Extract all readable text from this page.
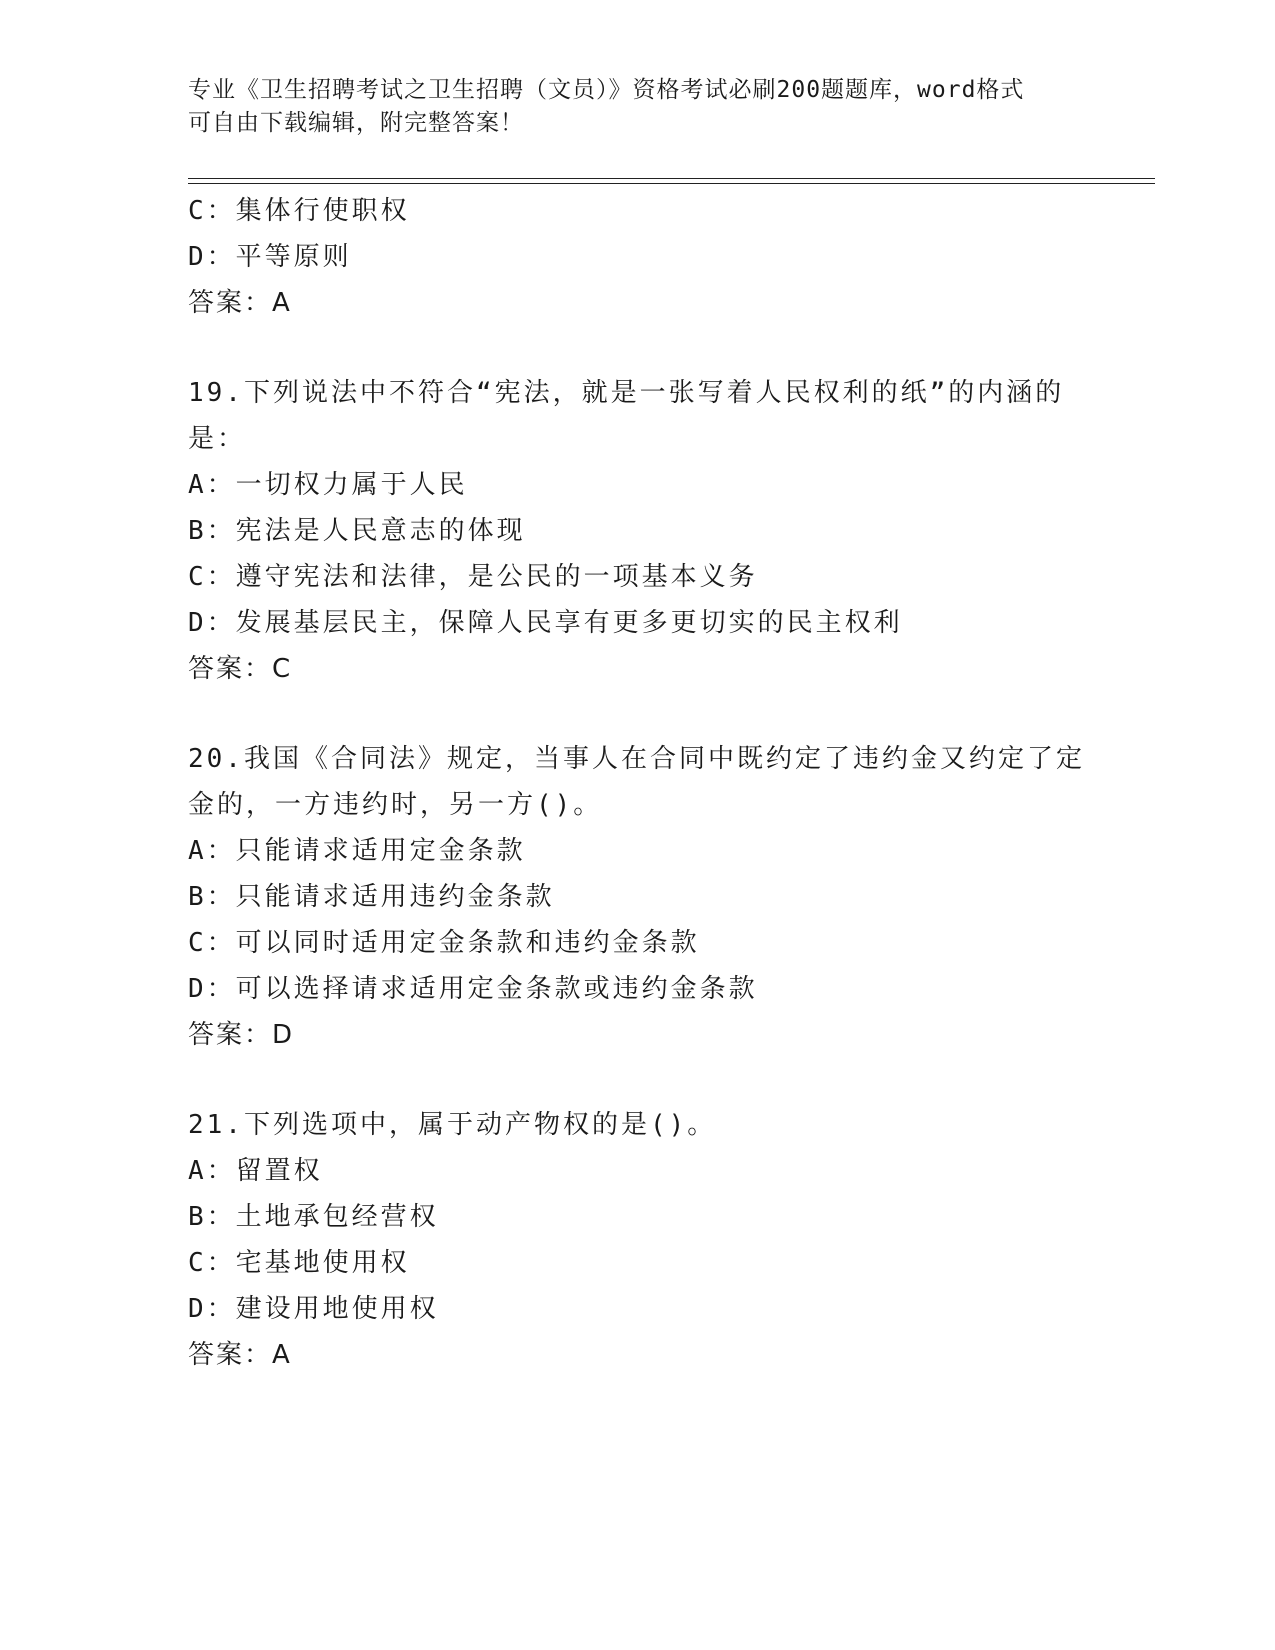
专业《卫生招聘考试之卫生招聘（文员）》资格考试必刷200题题库，word格式
可自由下载编辑，附完整答案！
C：集体行使职权
D：平等原则
答案：A
19.下列说法中不符合“宪法，就是一张写着人民权利的纸”的内涵的
是：
A：一切权力属于人民
B：宪法是人民意志的体现
C：遵守宪法和法律，是公民的一项基本义务
D：发展基层民主，保障人民享有更多更切实的民主权利
答案：C
20.我国《合同法》规定，当事人在合同中既约定了违约金又约定了定
金的，一方违约时，另一方()。
A：只能请求适用定金条款
B：只能请求适用违约金条款
C：可以同时适用定金条款和违约金条款
D：可以选择请求适用定金条款或违约金条款
答案：D
21.下列选项中，属于动产物权的是()。
A：留置权
B：土地承包经营权
C：宅基地使用权
D：建设用地使用权
答案：A
